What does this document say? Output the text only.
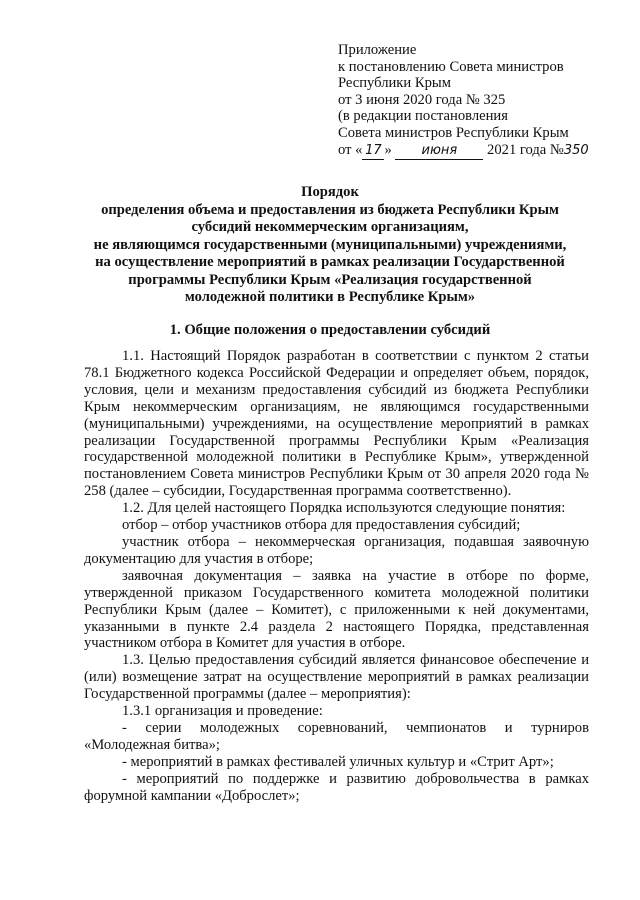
Приложение
к постановлению Совета министров
Республики Крым
от 3 июня 2020 года № 325
(в редакции постановления
Совета министров Республики Крым
от « 17 » июня 2021 года №350
Порядок
определения объема и предоставления из бюджета Республики Крым
субсидий некоммерческим организациям,
не являющимся государственными (муниципальными) учреждениями,
на осуществление мероприятий в рамках реализации Государственной
программы Республики Крым «Реализация государственной
молодежной политики в Республике Крым»
1. Общие положения о предоставлении субсидий

1.1. Настоящий Порядок разработан в соответствии с пунктом 2 статьи 78.1 Бюджетного кодекса Российской Федерации и определяет объем, порядок, условия, цели и механизм предоставления субсидий из бюджета Республики Крым некоммерческим организациям, не являющимся государственными (муниципальными) учреждениями, на осуществление мероприятий в рамках реализации Государственной программы Республики Крым «Реализация государственной молодежной политики в Республике Крым», утвержденной постановлением Совета министров Республики Крым от 30 апреля 2020 года № 258 (далее – субсидии, Государственная программа соответственно).

1.2. Для целей настоящего Порядка используются следующие понятия:

отбор – отбор участников отбора для предоставления субсидий;

участник отбора – некоммерческая организация, подавшая заявочную документацию для участия в отборе;

заявочная документация – заявка на участие в отборе по форме, утвержденной приказом Государственного комитета молодежной политики Республики Крым (далее – Комитет), с приложенными к ней документами, указанными в пункте 2.4 раздела 2 настоящего Порядка, представленная участником отбора в Комитет для участия в отборе.

1.3. Целью предоставления субсидий является финансовое обеспечение и (или) возмещение затрат на осуществление мероприятий в рамках реализации Государственной программы (далее – мероприятия):

1.3.1 организация и проведение:

- серии молодежных соревнований, чемпионатов и турниров «Молодежная битва»;

- мероприятий в рамках фестивалей уличных культур и «Стрит Арт»;

- мероприятий по поддержке и развитию добровольчества в рамках форумной кампании «Доброслет»;
